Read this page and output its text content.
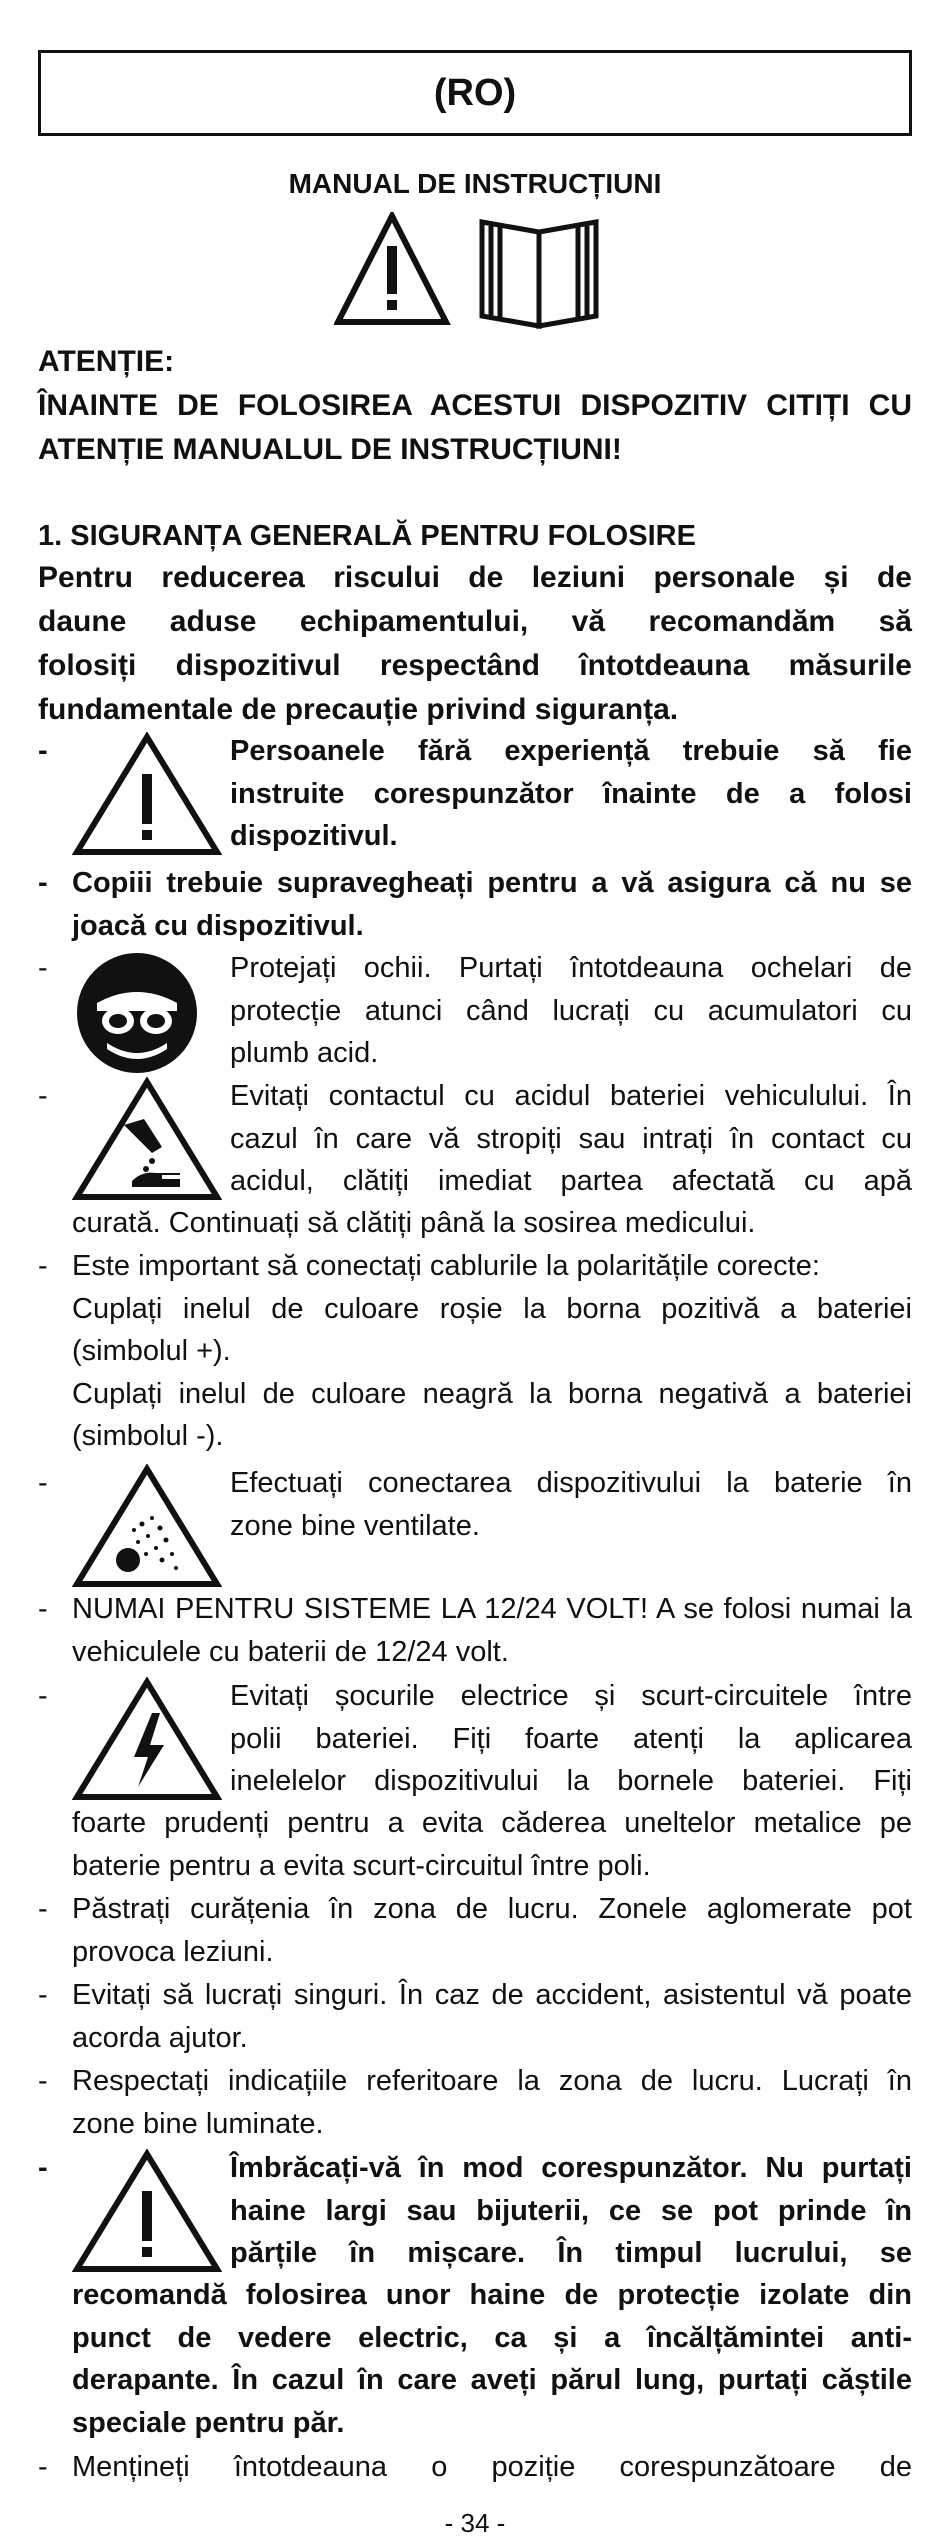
(RO)
MANUAL DE INSTRUCȚIUNI
ATENȚIE:
ÎNAINTE DE FOLOSIREA ACESTUI DISPOZITIV CITIȚI CU
ATENȚIE MANUALUL DE INSTRUCȚIUNI!
1. SIGURANȚA GENERALĂ PENTRU FOLOSIRE
Pentru reducerea riscului de leziuni personale și de
daune aduse echipamentului, vă recomandăm să
folosiți dispozitivul respectând întotdeauna măsurile
fundamentale de precauție privind siguranța.
-	Persoanele fără experiență trebuie să fie
instruite corespunzător înainte de a folosi
dispozitivul.
- Copiii trebuie supravegheați pentru a vă asigura că nu se
joacă cu dispozitivul.
-	Protejați ochii. Purtați întotdeauna ochelari de
protecție atunci când lucrați cu acumulatori cu
plumb acid.
-	Evitați contactul cu acidul bateriei vehiculului. În
cazul în care vă stropiți sau intrați în contact cu
acidul, clătiți imediat partea afectată cu apă
curată. Continuați să clătiți până la sosirea medicului.
- Este important să conectați cablurile la polaritățile corecte:
Cuplați inelul de culoare roșie la borna pozitivă a bateriei
(simbolul +).
Cuplați inelul de culoare neagră la borna negativă a bateriei
(simbolul -).
-	Efectuați conectarea dispozitivului la baterie în
zone bine ventilate.
- NUMAI PENTRU SISTEME LA 12/24 VOLT! A se folosi numai la
vehiculele cu baterii de 12/24 volt.
-	Evitați șocurile electrice și scurt-circuitele între
polii bateriei. Fiți foarte atenți la aplicarea
inelelelor dispozitivului la bornele bateriei. Fiți
foarte prudenți pentru a evita căderea uneltelor metalice pe
baterie pentru a evita scurt-circuitul între poli.
- Păstrați curățenia în zona de lucru. Zonele aglomerate pot
provoca leziuni.
- Evitați să lucrați singuri. În caz de accident, asistentul vă poate
acorda ajutor.
- Respectați indicațiile referitoare la zona de lucru. Lucrați în
zone bine luminate.
-	Îmbrăcați-vă în mod corespunzător. Nu purtați
haine largi sau bijuterii, ce se pot prinde în
părțile în mișcare. În timpul lucrului, se
recomandă folosirea unor haine de protecție izolate din
punct de vedere electric, ca și a încălțămintei anti-
derapante. În cazul în care aveți părul lung, purtați căștile
speciale pentru păr.
- Mențineți întotdeauna o poziție corespunzătoare de
- 34 -
